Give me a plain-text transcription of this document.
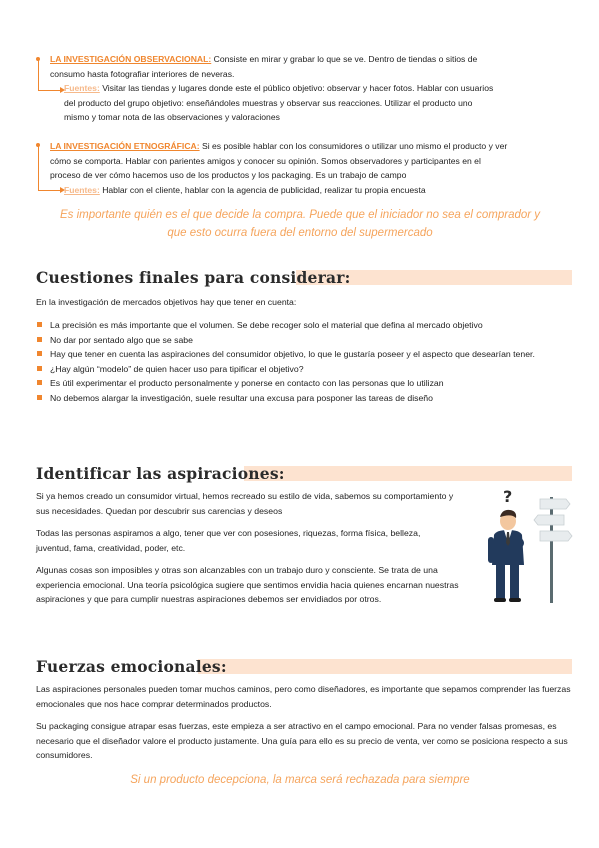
LA INVESTIGACIÓN OBSERVACIONAL: Consiste en mirar y grabar lo que se ve. Dentro de tiendas o sitios de
consumo hasta fotografiar interiores de neveras.
Fuentes: Visitar las tiendas y lugares donde este el público objetivo: observar y hacer fotos. Hablar con usuarios
del producto del grupo objetivo: enseñándoles muestras y observar sus reacciones. Utilizar el producto uno
mismo y tomar nota de las observaciones y valoraciones
LA INVESTIGACIÓN ETNOGRÁFICA: Si es posible hablar con los consumidores o utilizar uno mismo el producto y ver
cómo se comporta. Hablar con parientes amigos y conocer su opinión. Somos observadores y participantes en el
proceso de ver cómo hacemos uso de los productos y los packaging. Es un trabajo de campo
Fuentes: Hablar con el cliente, hablar con la agencia de publicidad, realizar tu propia encuesta
Es importante quién es el que decide la compra. Puede que el iniciador no sea el comprador y
que esto ocurra fuera del entorno del supermercado
Cuestiones finales para considerar:
En la investigación de mercados objetivos hay que tener en cuenta:
La precisión es más importante que el volumen. Se debe recoger solo el material que defina al mercado objetivo
No dar por sentado algo que se sabe
Hay que tener en cuenta las aspiraciones del consumidor objetivo, lo que le gustaría poseer y el aspecto que desearían tener.
¿Hay algún “modelo” de quien hacer uso para tipificar el objetivo?
Es útil experimentar el producto personalmente y ponerse en contacto con las personas que lo utilizan
No debemos alargar la investigación, suele resultar una excusa para posponer las tareas de diseño
Identificar las aspiraciones:
Si ya hemos creado un consumidor virtual, hemos recreado su estilo de vida, sabemos su comportamiento y sus necesidades. Quedan por descubrir sus carencias y deseos
Todas las personas aspiramos a algo, tener que ver con posesiones, riquezas, forma física, belleza, juventud, fama, creatividad, poder, etc.
Algunas cosas son imposibles y otras son alcanzables con un trabajo duro y consciente. Se trata de una experiencia emocional. Una teoría psicológica sugiere que sentimos envidia hacia quienes encarnan nuestras aspiraciones y que para cumplir nuestras aspiraciones debemos ser envidiados por otros.
?
Fuerzas emocionales:
Las aspiraciones personales pueden tomar muchos caminos, pero como diseñadores, es importante que sepamos comprender las fuerzas emocionales que nos hace comprar determinados productos.
Su packaging consigue atrapar esas fuerzas, este empieza a ser atractivo en el campo emocional. Para no vender falsas promesas, es necesario que el diseñador valore el producto justamente. Una guía para ello es su precio de venta, ver como se posiciona respecto a sus consumidores.
Si un producto decepciona, la marca será rechazada para siempre
